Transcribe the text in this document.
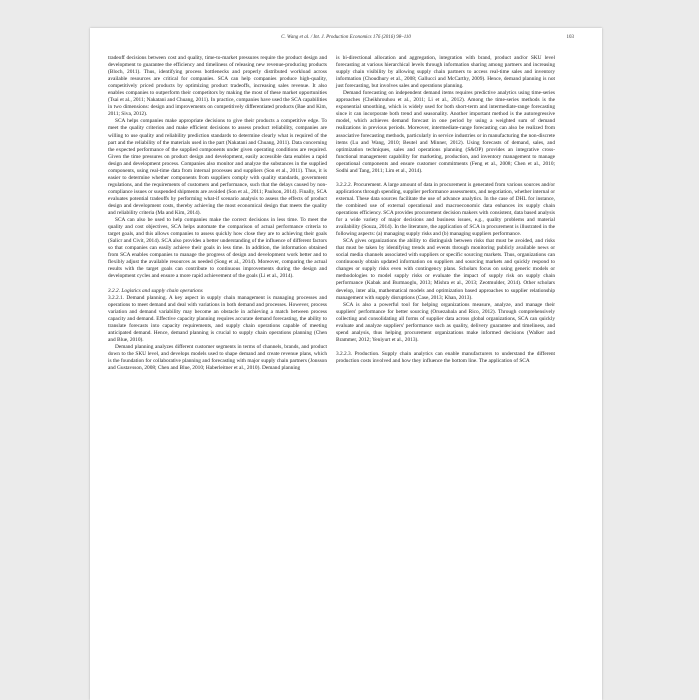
C. Wang et al. / Int. J. Production Economics 176 (2016) 98–110	103

tradeoff decisions between cost and quality, time-to-market pressures require the product design and development to guarantee the efficiency and timeliness of releasing new revenue-producing products (Bloch, 2011). Thus, identifying process bottlenecks and properly distributed workload across available resources are critical for companies. SCA can help companies produce high-quality, competitively priced products by optimizing product tradeoffs, increasing sales revenue. It also enables companies to outperform their competitors by making the most of these market opportunities (Tsai et al., 2011; Nakatani and Chuang, 2011). In practice, companies have used the SCA capabilities in two dimensions: design and improvements on competitively differentiated products (Bae and Kim, 2011; Siva, 2012).

SCA helps companies make appropriate decisions to give their products a competitive edge. To meet the quality criterion and make efficient decisions to assess product reliability, companies are willing to use quality and reliability prediction standards to determine clearly what is required of the part and the reliability of the materials used in the part (Nakatani and Chuang, 2011). Data concerning the expected performance of the supplied components under given operating conditions are required. Given the time pressures on product design and development, easily accessible data enables a rapid design and development process. Companies also monitor and analyze the substances in the supplied components, using real-time data from internal processes and suppliers (Son et al., 2011). Thus, it is easier to determine whether components from suppliers comply with quality standards, government regulations, and the requirements of customers and performance, such that the delays caused by non-compliance issues or suspended shipments are avoided (Son et al., 2011; Paulson, 2014). Finally, SCA evaluates potential tradeoffs by performing what-if scenario analysis to assess the effects of product design and development costs, thereby achieving the most economical design that meets the quality and reliability criteria (Ma and Kim, 2014).

SCA can also be used to help companies make the correct decisions in less time. To meet the quality and cost objectives, SCA helps automate the comparison of actual performance criteria to target goals, and this allows companies to assess quickly how close they are to achieving their goals (Salicr and Civit, 2014). SCA also provides a better understanding of the influence of different factors so that companies can easily achieve their goals in less time. In addition, the information obtained from SCA enables companies to manage the progress of design and development work better and to flexibly adjust the available resources as needed (Song et al., 2014). Moreover, comparing the actual results with the target goals can contribute to continuous improvements during the design and development cycles and ensure a more rapid achievement of the goals (Li et al., 2014).

3.2.2. Logistics and supply chain operations

3.2.2.1. Demand planning. A key aspect in supply chain management is managing processes and operations to meet demand and deal with variations in both demand and processes. However, process variation and demand variability may become an obstacle in achieving a match between process capacity and demand. Effective capacity planning requires accurate demand forecasting, the ability to translate forecasts into capacity requirements, and supply chain operations capable of meeting anticipated demand. Hence, demand planning is crucial to supply chain operations planning (Chen and Blue, 2010).

Demand planning analyzes different customer segments in terms of channels, brands, and product down to the SKU level, and develops models used to shape demand and create revenue plans, which is the foundation for collaborative planning and forecasting with major supply chain partners (Jonsson and Gustavsson, 2008; Chen and Blue, 2010; Haberleitner et al., 2010). Demand planning

is bi-directional allocation and aggregation, integration with brand, product and/or SKU level forecasting at various hierarchical levels through information sharing among partners and increasing supply chain visibility by allowing supply chain partners to access real-time sales and inventory information (Choudhury et al., 2008; Gallucci and McCarthy, 2009). Hence, demand planning is not just forecasting, but involves sales and operations planning.

Demand forecasting on independent demand items requires predictive analytics using time-series approaches (Cheikhrouhou et al., 2011; Li et al., 2012). Among the time-series methods is the exponential smoothing, which is widely used for both short-term and intermediate-range forecasting since it can incorporate both trend and seasonality. Another important method is the autoregressive model, which achieves demand forecast in one period by using a weighted sum of demand realizations in previous periods. Moreover, intermediate-range forecasting can also be realized from associative forecasting methods, particularly in service industries or in manufacturing the non-discrete items (Lu and Wang, 2010; Beutel and Minner, 2012). Using forecasts of demand, sales, and optimization techniques, sales and operations planning (S&OP) provides an integrative cross-functional management capability for marketing, production, and inventory management to manage operational components and ensure customer commitments (Feng et al., 2008; Chen et al., 2010; Sodhi and Tang, 2011; Lim et al., 2014).

3.2.2.2. Procurement. A large amount of data in procurement is generated from various sources and/or applications through spending, supplier performance assessments, and negotiation, whether internal or external. These data sources facilitate the use of advance analytics. In the case of DHL for instance, the combined use of external operational and macroeconomic data enhances its supply chain operations efficiency. SCA provides procurement decision makers with consistent, data based analysis for a wide variety of major decisions and business issues, e.g., quality problems and material availability (Souza, 2014). In the literature, the application of SCA in procurement is illustrated in the following aspects: (a) managing supply risks and (b) managing suppliers performance.

SCA gives organizations the ability to distinguish between risks that must be avoided, and risks that must be taken by identifying trends and events through monitoring publicly available news or social media channels associated with suppliers or specific sourcing markets. Thus, organizations can continuously obtain updated information on suppliers and sourcing markets and quickly respond to changes or supply risks even with contingency plans. Scholars focus on using generic models or methodologies to model supply risks or evaluate the impact of supply risk on supply chain performance (Kabak and Burmaoglu, 2013; Mishra et al., 2013; Zeotmulder, 2014). Other scholars develop, inter alia, mathematical models and optimization based approaches to supplier relationship management with supply disruptions (Case, 2013; Khan, 2013).

SCA is also a powerful tool for helping organizations measure, analyze, and manage their suppliers' performance for better sourcing (Oruezabala and Rico, 2012). Through comprehensively collecting and consolidating all forms of supplier data across global organizations, SCA can quickly evaluate and analyze suppliers' performance such as quality, delivery guarantee and timeliness, and spend analysis, thus helping procurement organizations make informed decisions (Walker and Brammer, 2012; Yeniyurt et al., 2013).

3.2.2.3. Production. Supply chain analytics can enable manufacturers to understand the different production costs involved and how they influence the bottom line. The application of SCA
